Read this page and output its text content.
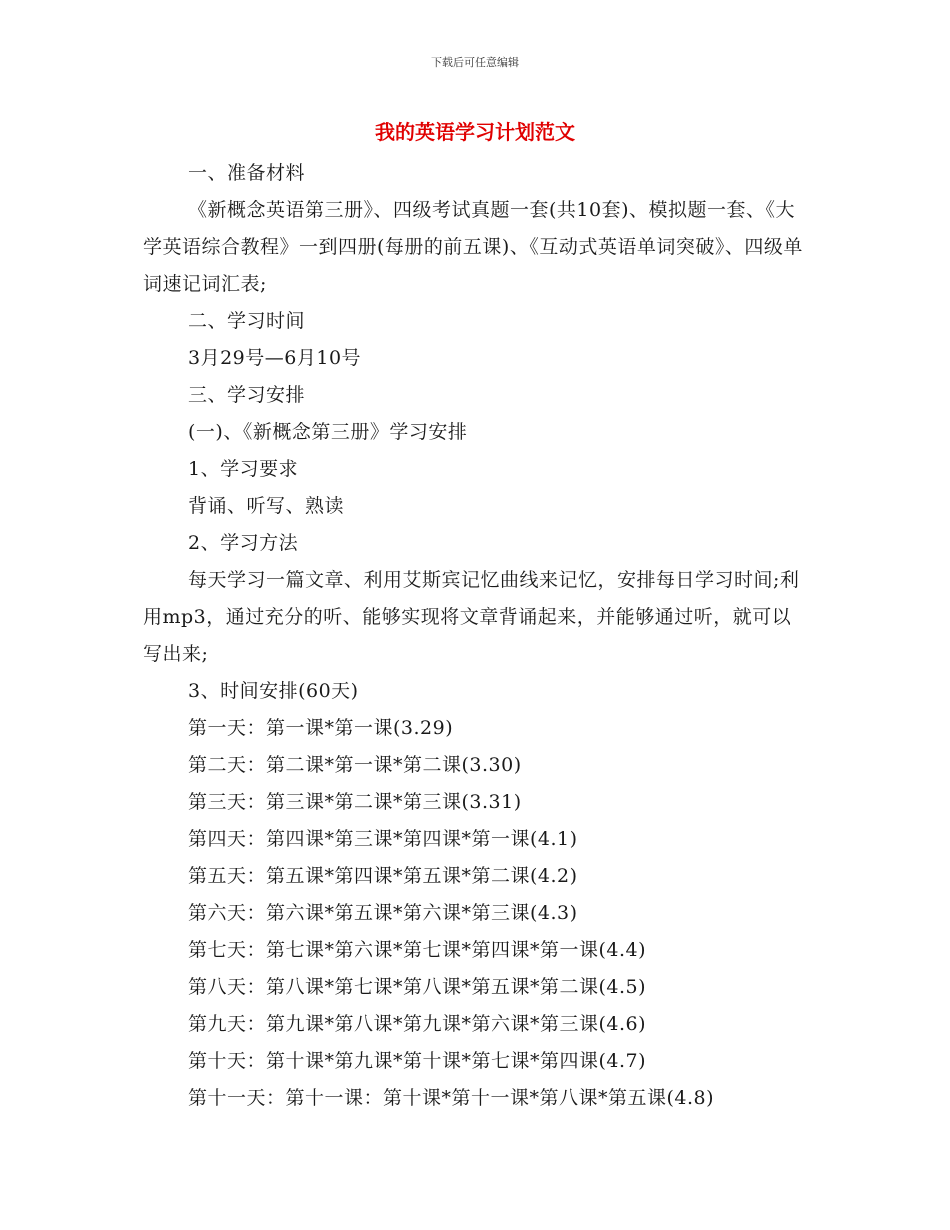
下载后可任意编辑
我的英语学习计划范文

一、准备材料

《新概念英语第三册》、四级考试真题一套(共10套)、模拟题一套、《大学英语综合教程》一到四册(每册的前五课)、《互动式英语单词突破》、四级单词速记词汇表;

二、学习时间

3月29号—6月10号

三、学习安排

(一)、《新概念第三册》学习安排

1、学习要求

背诵、听写、熟读

2、学习方法

每天学习一篇文章、利用艾斯宾记忆曲线来记忆，安排每日学习时间;利用mp3，通过充分的听、能够实现将文章背诵起来，并能够通过听，就可以写出来;

3、时间安排(60天)

第一天：第一课*第一课(3.29)

第二天：第二课*第一课*第二课(3.30)

第三天：第三课*第二课*第三课(3.31)

第四天：第四课*第三课*第四课*第一课(4.1)

第五天：第五课*第四课*第五课*第二课(4.2)

第六天：第六课*第五课*第六课*第三课(4.3)

第七天：第七课*第六课*第七课*第四课*第一课(4.4)

第八天：第八课*第七课*第八课*第五课*第二课(4.5)

第九天：第九课*第八课*第九课*第六课*第三课(4.6)

第十天：第十课*第九课*第十课*第七课*第四课(4.7)

第十一天：第十一课：第十课*第十一课*第八课*第五课(4.8)
